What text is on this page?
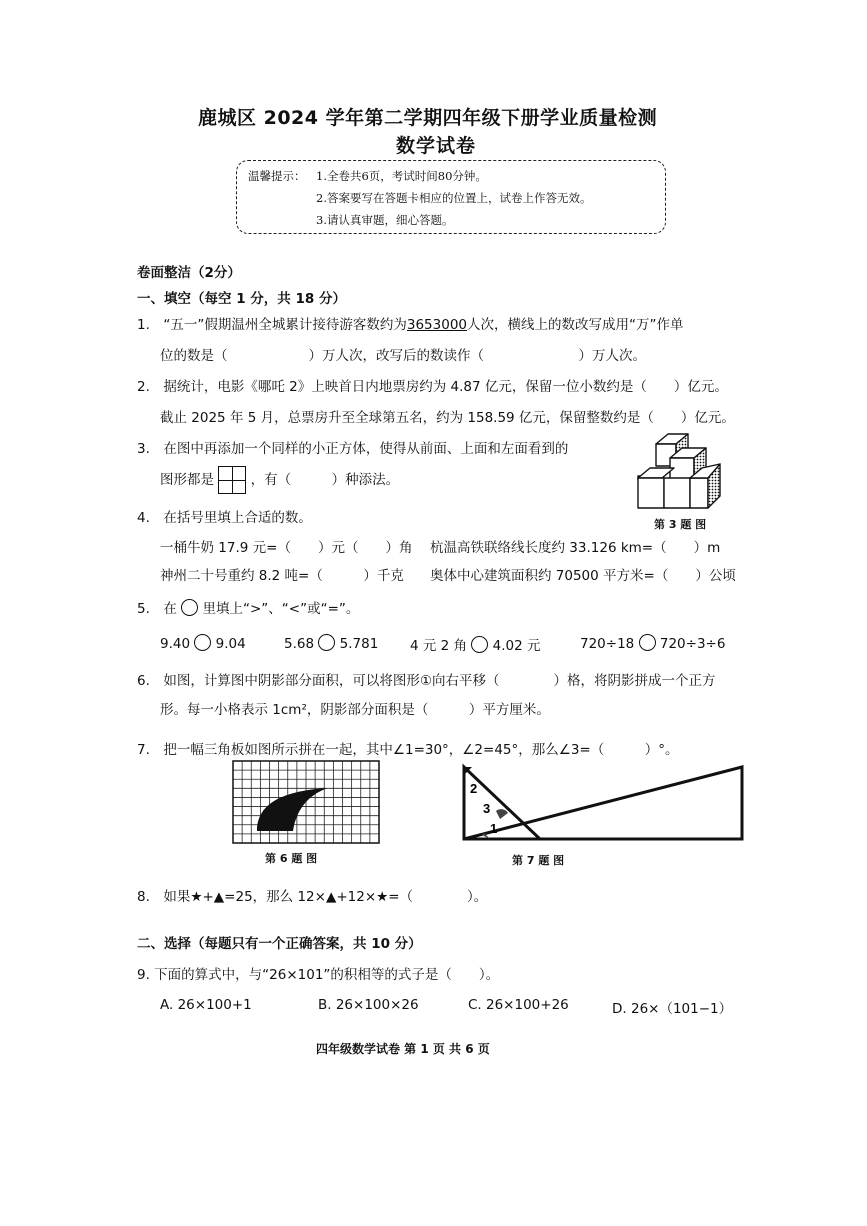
鹿城区 2024 学年第二学期四年级下册学业质量检测
数学试卷
温馨提示： 1.全卷共6页，考试时间80分钟。
2.答案要写在答题卡相应的位置上，试卷上作答无效。
3.请认真审题，细心答题。
卷面整洁（2分）
一、填空（每空 1 分，共 18 分）
1.　“五一”假期温州全城累计接待游客数约为3653000人次，横线上的数改写成用“万”作单
位的数是（　　　　　　）万人次，改写后的数读作（　　　　　　　）万人次。
2.　据统计，电影《哪吒 2》上映首日内地票房约为 4.87 亿元，保留一位小数约是（　　）亿元。
截止 2025 年 5 月，总票房升至全球第五名，约为 158.59 亿元，保留整数约是（　　）亿元。
3.　在图中再添加一个同样的小正方体，使得从前面、上面和左面看到的
图形都是	，有（　　　）种添法。
第 3 题 图
4.　在括号里填上合适的数。
一桶牛奶 17.9 元=（　　）元（　　）角 杭温高铁联络线长度约 33.126 km=（　　）m
神州二十号重约 8.2 吨=（　　　）千克 奥体中心建筑面积约 70500 平方米=（　　）公顷
5.　在 里填上“>”、“<”或“=”。
9.40 9.04	5.68 5.781 4 元 2 角 4.02 元	720÷18 720÷3÷6
6.　如图，计算图中阴影部分面积，可以将图形①向右平移（　　　　）格，将阴影拼成一个正方
形。每一小格表示 1cm²，阴影部分面积是（　　　）平方厘米。
7.　把一幅三角板如图所示拼在一起，其中∠1=30°，∠2=45°，那么∠3=（　　　）°。
第 6 题 图
2
3
1
第 7 题 图
8.　如果★+▲=25，那么 12×▲+12×★=（　　　　）。
二、选择（每题只有一个正确答案，共 10 分）
9. 下面的算式中，与“26×101”的积相等的式子是（　　）。
A. 26×100+1	B. 26×100×26	C. 26×100+26	D. 26×（101−1）
四年级数学试卷 第 1 页 共 6 页
